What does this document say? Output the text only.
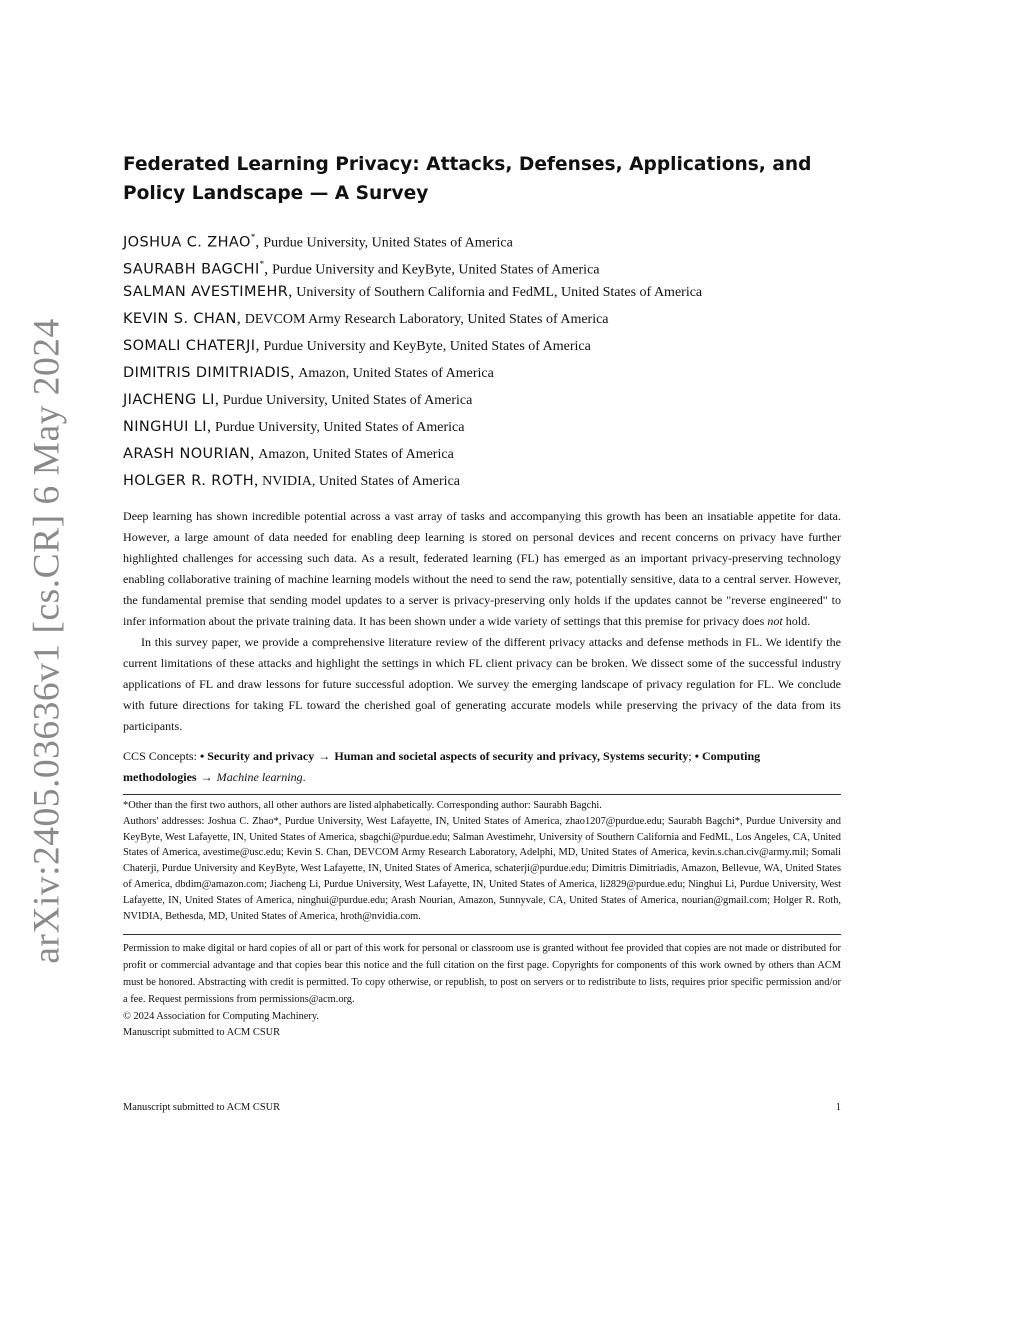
arXiv:2405.03636v1 [cs.CR] 6 May 2024
Federated Learning Privacy: Attacks, Defenses, Applications, and Policy Landscape — A Survey
JOSHUA C. ZHAO*, Purdue University, United States of America
SAURABH BAGCHI*, Purdue University and KeyByte, United States of America
SALMAN AVESTIMEHR, University of Southern California and FedML, United States of America
KEVIN S. CHAN, DEVCOM Army Research Laboratory, United States of America
SOMALI CHATERJI, Purdue University and KeyByte, United States of America
DIMITRIS DIMITRIADIS, Amazon, United States of America
JIACHENG LI, Purdue University, United States of America
NINGHUI LI, Purdue University, United States of America
ARASH NOURIAN, Amazon, United States of America
HOLGER R. ROTH, NVIDIA, United States of America

Deep learning has shown incredible potential across a vast array of tasks and accompanying this growth has been an insatiable appetite for data. However, a large amount of data needed for enabling deep learning is stored on personal devices and recent concerns on privacy have further highlighted challenges for accessing such data. As a result, federated learning (FL) has emerged as an important privacy-preserving technology enabling collaborative training of machine learning models without the need to send the raw, potentially sensitive, data to a central server. However, the fundamental premise that sending model updates to a server is privacy-preserving only holds if the updates cannot be "reverse engineered" to infer information about the private training data. It has been shown under a wide variety of settings that this premise for privacy does not hold.

In this survey paper, we provide a comprehensive literature review of the different privacy attacks and defense methods in FL. We identify the current limitations of these attacks and highlight the settings in which FL client privacy can be broken. We dissect some of the successful industry applications of FL and draw lessons for future successful adoption. We survey the emerging landscape of privacy regulation for FL. We conclude with future directions for taking FL toward the cherished goal of generating accurate models while preserving the privacy of the data from its participants.

CCS Concepts: • Security and privacy → Human and societal aspects of security and privacy, Systems security; • Computing methodologies → Machine learning.

*Other than the first two authors, all other authors are listed alphabetically. Corresponding author: Saurabh Bagchi.

Authors' addresses: Joshua C. Zhao*, Purdue University, West Lafayette, IN, United States of America, zhao1207@purdue.edu; Saurabh Bagchi*, Purdue University and KeyByte, West Lafayette, IN, United States of America, sbagchi@purdue.edu; Salman Avestimehr, University of Southern California and FedML, Los Angeles, CA, United States of America, avestime@usc.edu; Kevin S. Chan, DEVCOM Army Research Laboratory, Adelphi, MD, United States of America, kevin.s.chan.civ@army.mil; Somali Chaterji, Purdue University and KeyByte, West Lafayette, IN, United States of America, schaterji@purdue.edu; Dimitris Dimitriadis, Amazon, Bellevue, WA, United States of America, dbdim@amazon.com; Jiacheng Li, Purdue University, West Lafayette, IN, United States of America, li2829@purdue.edu; Ninghui Li, Purdue University, West Lafayette, IN, United States of America, ninghui@purdue.edu; Arash Nourian, Amazon, Sunnyvale, CA, United States of America, nourian@gmail.com; Holger R. Roth, NVIDIA, Bethesda, MD, United States of America, hroth@nvidia.com.

Permission to make digital or hard copies of all or part of this work for personal or classroom use is granted without fee provided that copies are not made or distributed for profit or commercial advantage and that copies bear this notice and the full citation on the first page. Copyrights for components of this work owned by others than ACM must be honored. Abstracting with credit is permitted. To copy otherwise, or republish, to post on servers or to redistribute to lists, requires prior specific permission and/or a fee. Request permissions from permissions@acm.org.

© 2024 Association for Computing Machinery.
Manuscript submitted to ACM CSUR
Manuscript submitted to ACM CSUR	1
